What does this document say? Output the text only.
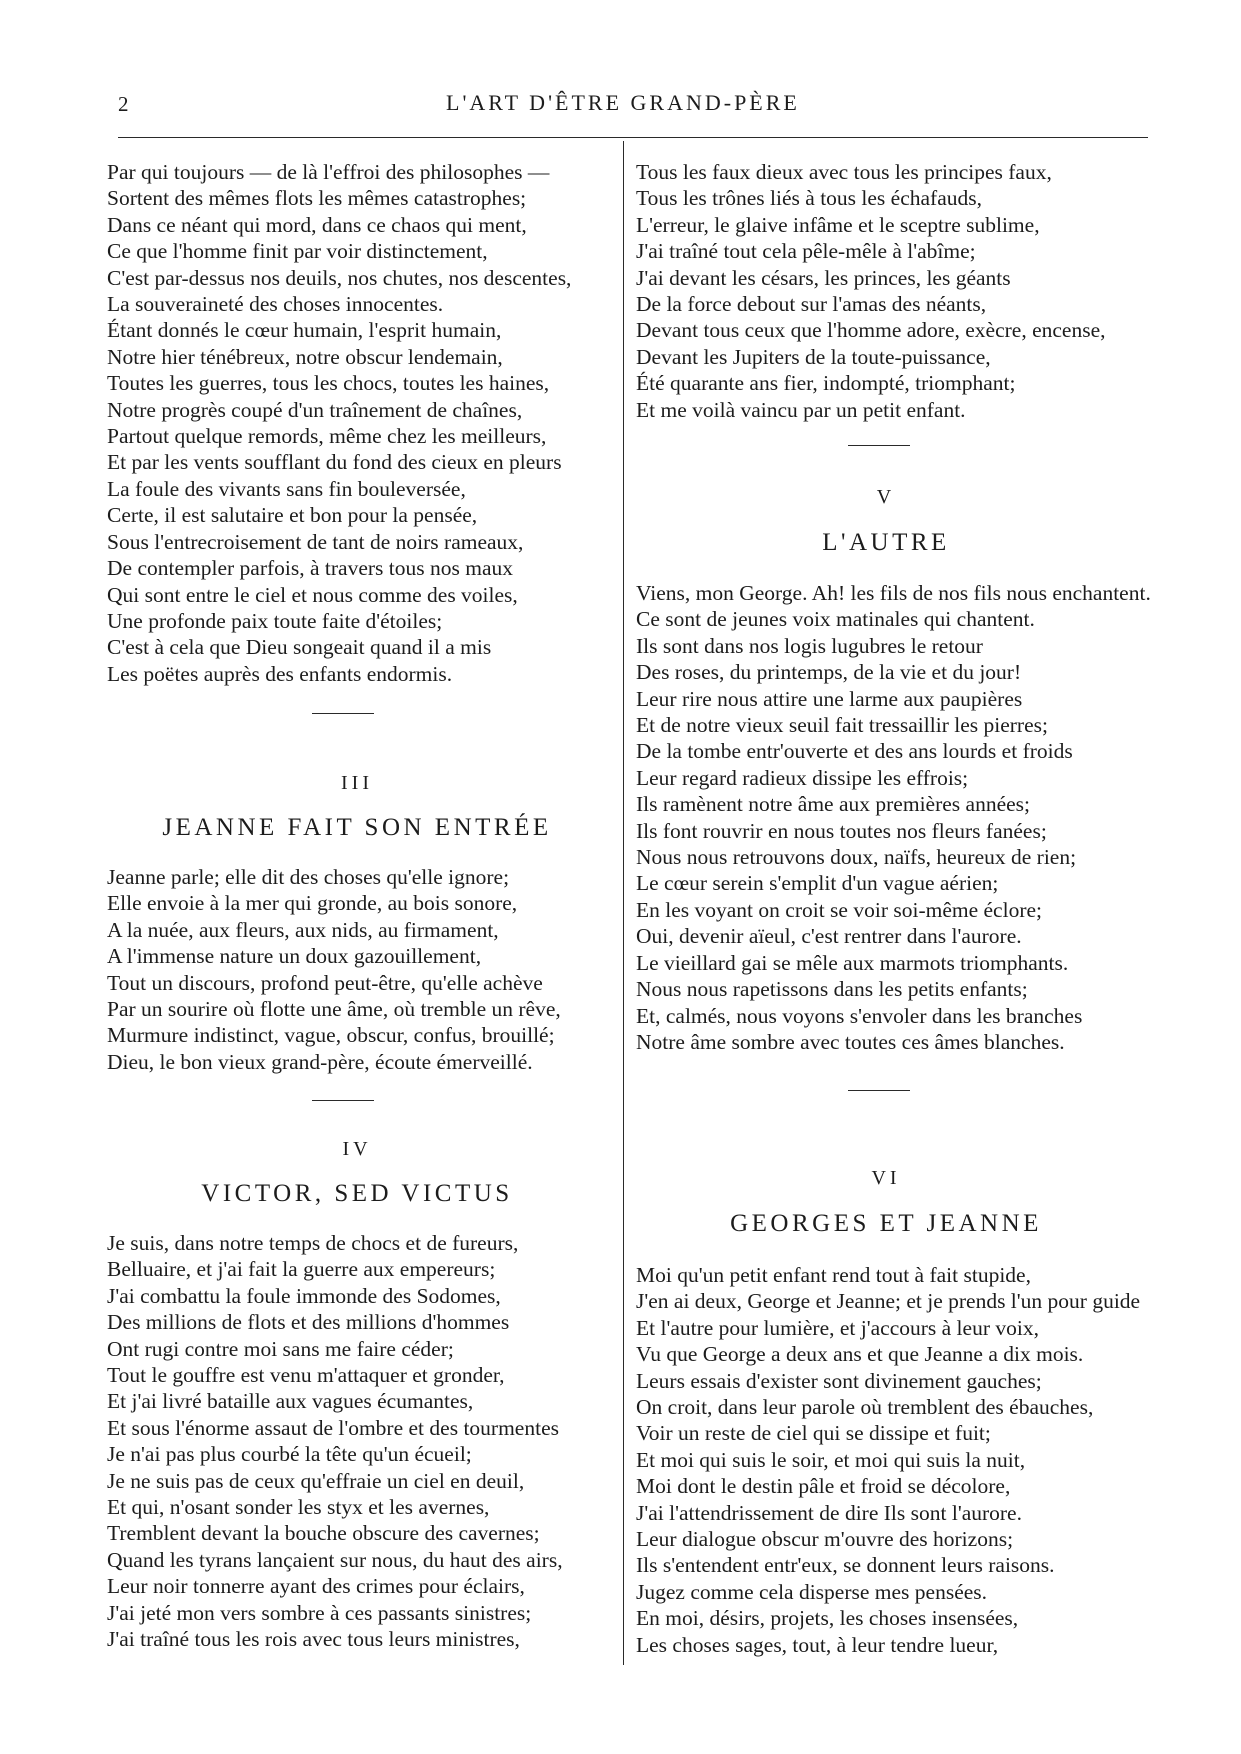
2	L'ART D'ÊTRE GRAND-PÈRE
Par qui toujours — de là l'effroi des philosophes —
Sortent des mêmes flots les mêmes catastrophes;
Dans ce néant qui mord, dans ce chaos qui ment,
Ce que l'homme finit par voir distinctement,
C'est par-dessus nos deuils, nos chutes, nos descentes,
La souveraineté des choses innocentes.
Étant donnés le cœur humain, l'esprit humain,
Notre hier ténébreux, notre obscur lendemain,
Toutes les guerres, tous les chocs, toutes les haines,
Notre progrès coupé d'un traînement de chaînes,
Partout quelque remords, même chez les meilleurs,
Et par les vents soufflant du fond des cieux en pleurs
La foule des vivants sans fin bouleversée,
Certe, il est salutaire et bon pour la pensée,
Sous l'entrecroisement de tant de noirs rameaux,
De contempler parfois, à travers tous nos maux
Qui sont entre le ciel et nous comme des voiles,
Une profonde paix toute faite d'étoiles;
C'est à cela que Dieu songeait quand il a mis
Les poëtes auprès des enfants endormis.
III
JEANNE FAIT SON ENTRÉE
Jeanne parle; elle dit des choses qu'elle ignore;
Elle envoie à la mer qui gronde, au bois sonore,
A la nuée, aux fleurs, aux nids, au firmament,
A l'immense nature un doux gazouillement,
Tout un discours, profond peut-être, qu'elle achève
Par un sourire où flotte une âme, où tremble un rêve,
Murmure indistinct, vague, obscur, confus, brouillé;
Dieu, le bon vieux grand-père, écoute émerveillé.
IV
VICTOR, SED VICTUS
Je suis, dans notre temps de chocs et de fureurs,
Belluaire, et j'ai fait la guerre aux empereurs;
J'ai combattu la foule immonde des Sodomes,
Des millions de flots et des millions d'hommes
Ont rugi contre moi sans me faire céder;
Tout le gouffre est venu m'attaquer et gronder,
Et j'ai livré bataille aux vagues écumantes,
Et sous l'énorme assaut de l'ombre et des tourmentes
Je n'ai pas plus courbé la tête qu'un écueil;
Je ne suis pas de ceux qu'effraie un ciel en deuil,
Et qui, n'osant sonder les styx et les avernes,
Tremblent devant la bouche obscure des cavernes;
Quand les tyrans lançaient sur nous, du haut des airs,
Leur noir tonnerre ayant des crimes pour éclairs,
J'ai jeté mon vers sombre à ces passants sinistres;
J'ai traîné tous les rois avec tous leurs ministres,
Tous les faux dieux avec tous les principes faux,
Tous les trônes liés à tous les échafauds,
L'erreur, le glaive infâme et le sceptre sublime,
J'ai traîné tout cela pêle-mêle à l'abîme;
J'ai devant les césars, les princes, les géants
De la force debout sur l'amas des néants,
Devant tous ceux que l'homme adore, exècre, encense,
Devant les Jupiters de la toute-puissance,
Été quarante ans fier, indompté, triomphant;
Et me voilà vaincu par un petit enfant.
V
L'AUTRE
Viens, mon George. Ah! les fils de nos fils nous enchantent.
Ce sont de jeunes voix matinales qui chantent.
Ils sont dans nos logis lugubres le retour
Des roses, du printemps, de la vie et du jour!
Leur rire nous attire une larme aux paupières
Et de notre vieux seuil fait tressaillir les pierres;
De la tombe entr'ouverte et des ans lourds et froids
Leur regard radieux dissipe les effrois;
Ils ramènent notre âme aux premières années;
Ils font rouvrir en nous toutes nos fleurs fanées;
Nous nous retrouvons doux, naïfs, heureux de rien;
Le cœur serein s'emplit d'un vague aérien;
En les voyant on croit se voir soi-même éclore;
Oui, devenir aïeul, c'est rentrer dans l'aurore.
Le vieillard gai se mêle aux marmots triomphants.
Nous nous rapetissons dans les petits enfants;
Et, calmés, nous voyons s'envoler dans les branches
Notre âme sombre avec toutes ces âmes blanches.
VI
GEORGES ET JEANNE
Moi qu'un petit enfant rend tout à fait stupide,
J'en ai deux, George et Jeanne; et je prends l'un pour guide
Et l'autre pour lumière, et j'accours à leur voix,
Vu que George a deux ans et que Jeanne a dix mois.
Leurs essais d'exister sont divinement gauches;
On croit, dans leur parole où tremblent des ébauches,
Voir un reste de ciel qui se dissipe et fuit;
Et moi qui suis le soir, et moi qui suis la nuit,
Moi dont le destin pâle et froid se décolore,
J'ai l'attendrissement de dire Ils sont l'aurore.
Leur dialogue obscur m'ouvre des horizons;
Ils s'entendent entr'eux, se donnent leurs raisons.
Jugez comme cela disperse mes pensées.
En moi, désirs, projets, les choses insensées,
Les choses sages, tout, à leur tendre lueur,
